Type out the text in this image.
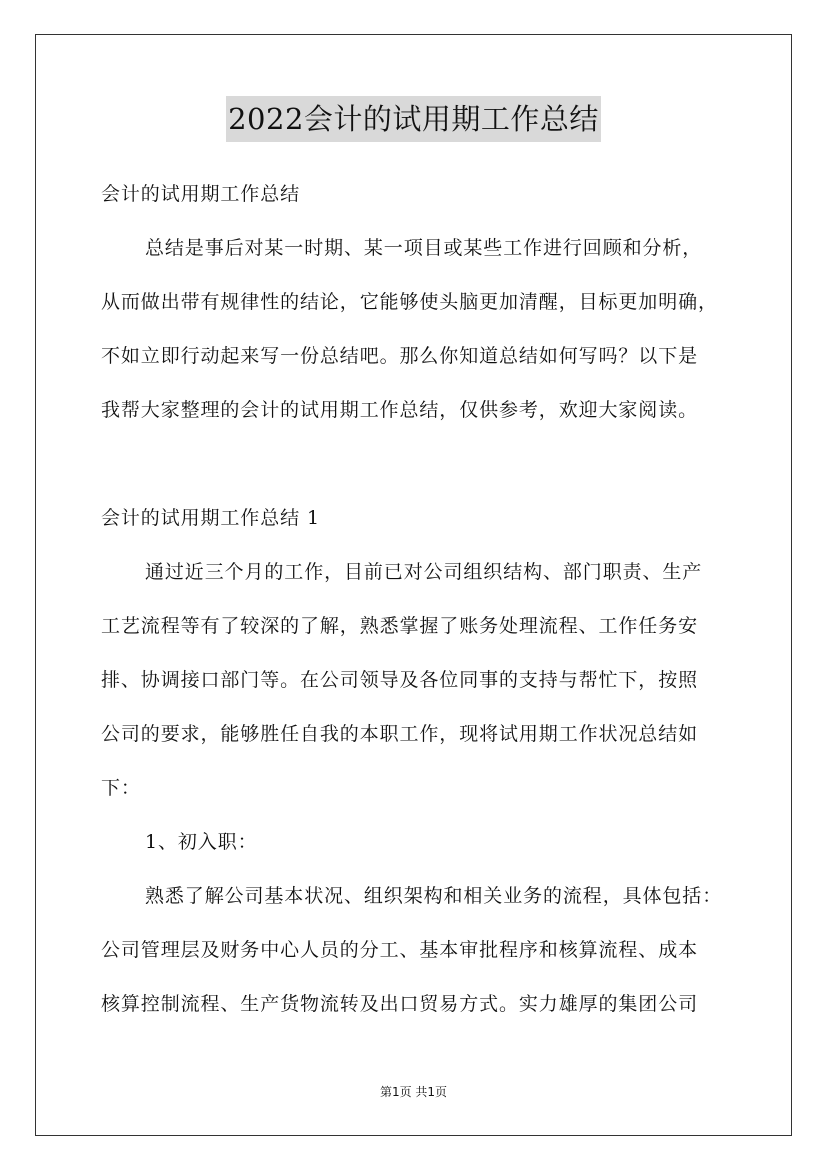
2022会计的试用期工作总结
会计的试用期工作总结
总结是事后对某一时期、某一项目或某些工作进行回顾和分析，
从而做出带有规律性的结论，它能够使头脑更加清醒，目标更加明确，
不如立即行动起来写一份总结吧。那么你知道总结如何写吗？以下是
我帮大家整理的会计的试用期工作总结，仅供参考，欢迎大家阅读。
会计的试用期工作总结 1
通过近三个月的工作，目前已对公司组织结构、部门职责、生产
工艺流程等有了较深的了解，熟悉掌握了账务处理流程、工作任务安
排、协调接口部门等。在公司领导及各位同事的支持与帮忙下，按照
公司的要求，能够胜任自我的本职工作，现将试用期工作状况总结如
下：
1、初入职：
熟悉了解公司基本状况、组织架构和相关业务的流程，具体包括：
公司管理层及财务中心人员的分工、基本审批程序和核算流程、成本
核算控制流程、生产货物流转及出口贸易方式。实力雄厚的集团公司
第1页 共1页
